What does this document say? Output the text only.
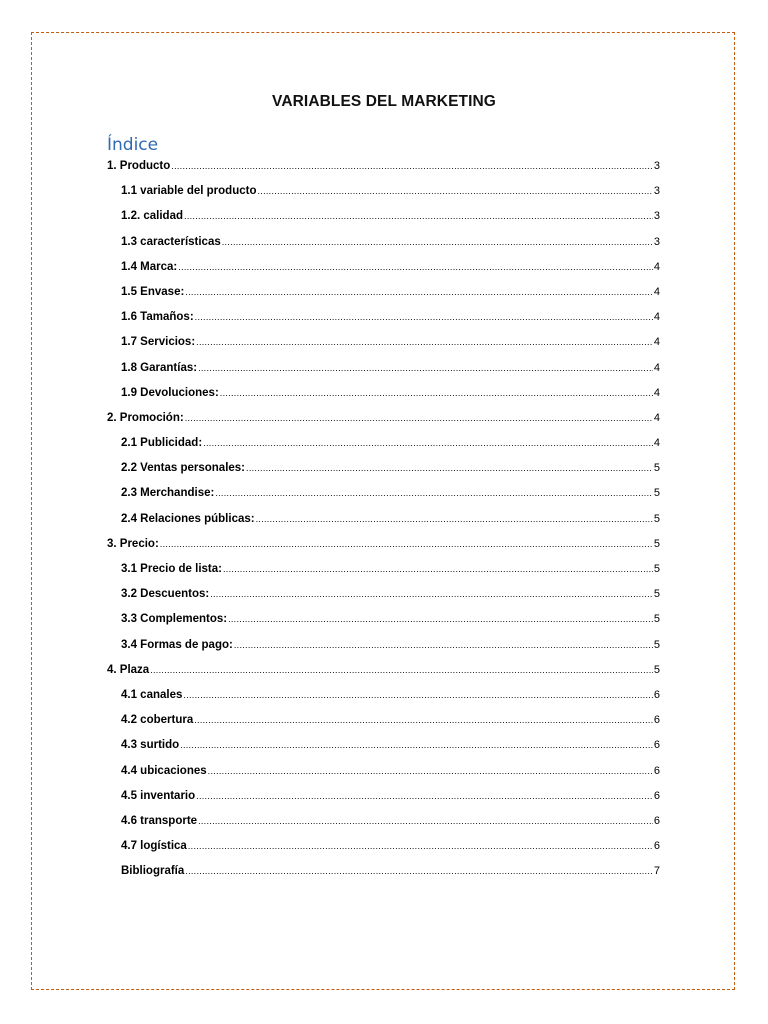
VARIABLES DEL MARKETING
Índice
1. Producto .....	3
1.1 variable del producto .....	3
1.2. calidad .....	3
1.3 características .....	3
1.4 Marca: .....	4
1.5 Envase: .....	4
1.6 Tamaños: .....	4
1.7 Servicios: .....	4
1.8 Garantías: .....	4
1.9 Devoluciones: .....	4
2. Promoción: .....	4
2.1 Publicidad: .....	4
2.2 Ventas personales: .....	5
2.3 Merchandise: .....	5
2.4 Relaciones públicas: .....	5
3. Precio: .....	5
3.1 Precio de lista: .....	5
3.2 Descuentos: .....	5
3.3 Complementos: .....	5
3.4 Formas de pago: .....	5
4. Plaza .....	5
4.1 canales .....	6
4.2 cobertura .....	6
4.3 surtido .....	6
4.4 ubicaciones .....	6
4.5 inventario .....	6
4.6 transporte .....	6
4.7 logística .....	6
Bibliografía .....	7
